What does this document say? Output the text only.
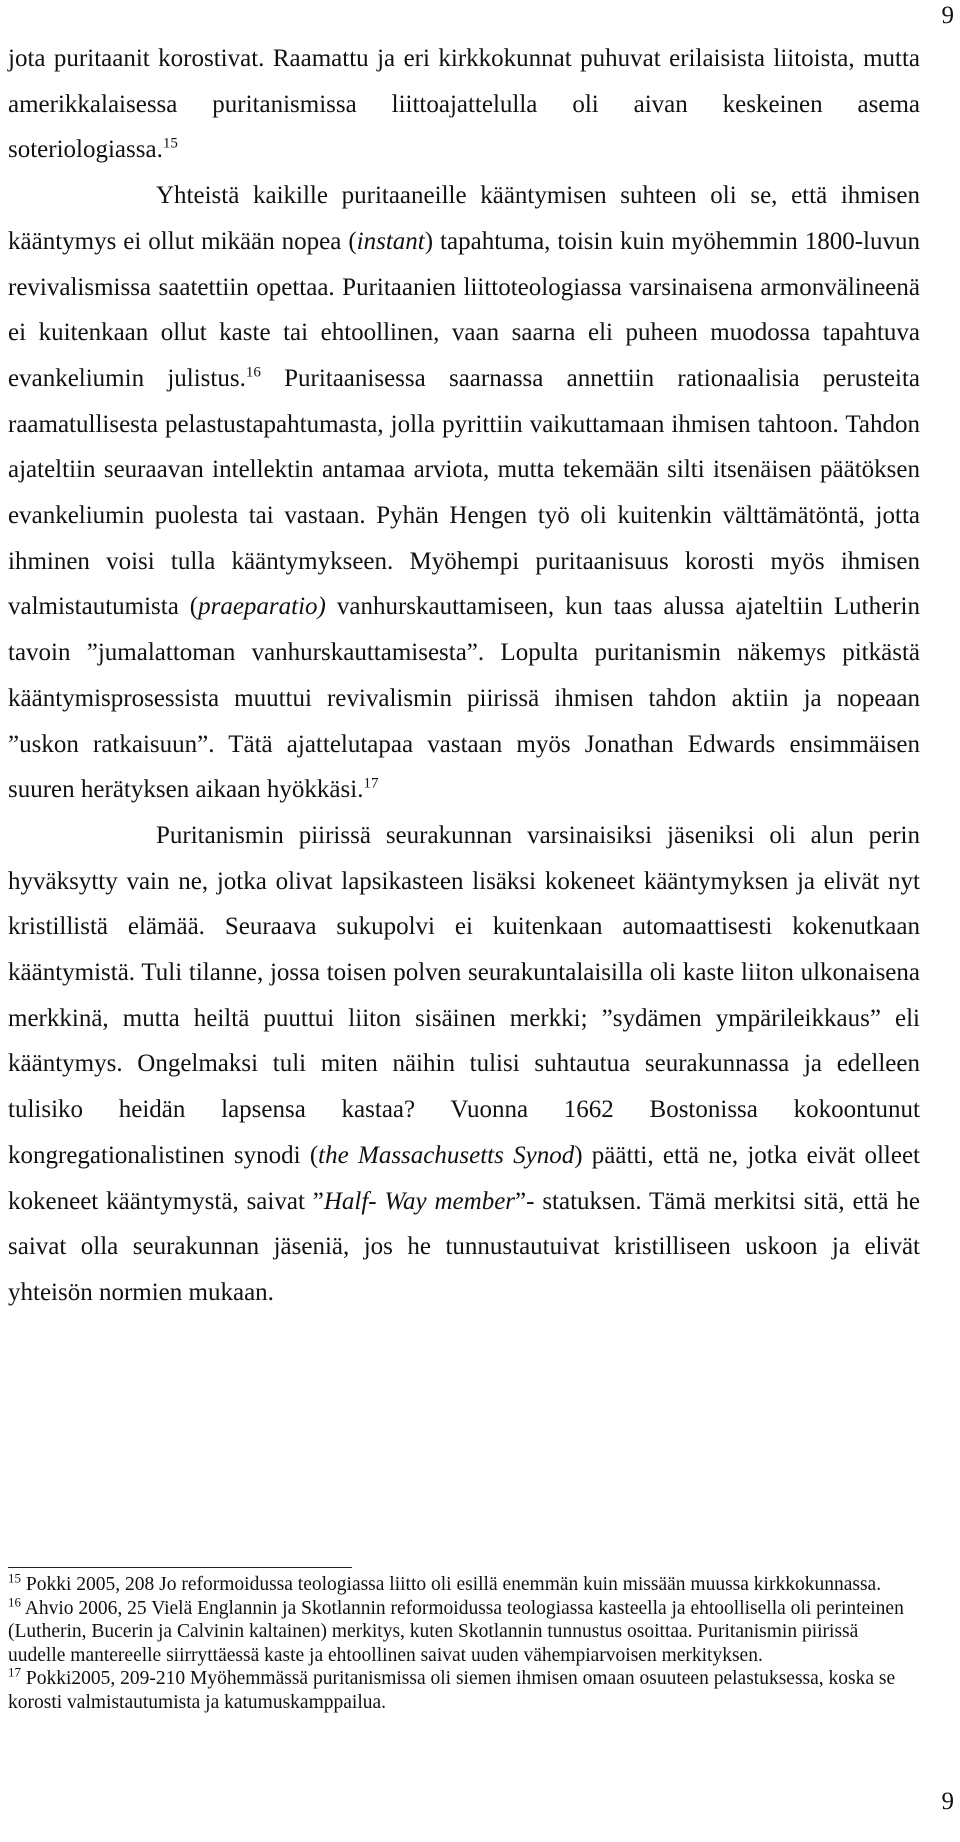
9

jota puritaanit korostivat. Raamattu ja eri kirkkokunnat puhuvat erilaisista liitoista, mutta amerikkalaisessa puritanismissa liittoajattelulla oli aivan keskeinen asema soteriologiassa.$^{15}$

Yhteistä kaikille puritaaneille kääntymisen suhteen oli se, että ihmisen kääntymys ei ollut mikään nopea (instant) tapahtuma, toisin kuin myöhemmin 1800-luvun revivalismissa saatettiin opettaa. Puritaanien liittoteologiassa varsinaisena armonvälineenä ei kuitenkaan ollut kaste tai ehtoollinen, vaan saarna eli puheen muodossa tapahtuva evankeliumin julistus.$^{16}$ Puritaanisessa saarnassa annettiin rationaalisia perusteita raamatullisesta pelastustapahtumasta, jolla pyrittiin vaikuttamaan ihmisen tahtoon. Tahdon ajateltiin seuraavan intellektin antamaa arviota, mutta tekemään silti itsenäisen päätöksen evankeliumin puolesta tai vastaan. Pyhän Hengen työ oli kuitenkin välttämätöntä, jotta ihminen voisi tulla kääntymykseen. Myöhempi puritaanisuus korosti myös ihmisen valmistautumista (praeparatio) vanhurskauttamiseen, kun taas alussa ajateltiin Lutherin tavoin ”jumalattoman vanhurskauttamisesta”. Lopulta puritanismin näkemys pitkästä kääntymisprosessista muuttui revivalismin piirissä ihmisen tahdon aktiin ja nopeaan ”uskon ratkaisuun”. Tätä ajattelutapaa vastaan myös Jonathan Edwards ensimmäisen suuren herätyksen aikaan hyökkäsi.$^{17}$

Puritanismin piirissä seurakunnan varsinaisiksi jäseniksi oli alun perin hyväksytty vain ne, jotka olivat lapsikasteen lisäksi kokeneet kääntymyksen ja elivät nyt kristillistä elämää. Seuraava sukupolvi ei kuitenkaan automaattisesti kokenutkaan kääntymistä. Tuli tilanne, jossa toisen polven seurakuntalaisilla oli kaste liiton ulkonaisena merkkinä, mutta heiltä puuttui liiton sisäinen merkki; ”sydämen ympärileikkaus” eli kääntymys. Ongelmaksi tuli miten näihin tulisi suhtautua seurakunnassa ja edelleen tulisiko heidän lapsensa kastaa? Vuonna 1662 Bostonissa kokoontunut kongregationalistinen synodi (the Massachusetts Synod) päätti, että ne, jotka eivät olleet kokeneet kääntymystä, saivat ”Half- Way member”- statuksen. Tämä merkitsi sitä, että he saivat olla seurakunnan jäseniä, jos he tunnustautuivat kristilliseen uskoon ja elivät yhteisön normien mukaan.

$^{15}$ Pokki 2005, 208 Jo reformoidussa teologiassa liitto oli esillä enemmän kuin missään muussa kirkkokunnassa.

$^{16}$ Ahvio 2006, 25 Vielä Englannin ja Skotlannin reformoidussa teologiassa kasteella ja ehtoollisella oli perinteinen (Lutherin, Bucerin ja Calvinin kaltainen) merkitys, kuten Skotlannin tunnustus osoittaa. Puritanismin piirissä uudelle mantereelle siirryttäessä kaste ja ehtoollinen saivat uuden vähempiarvoisen merkityksen.

$^{17}$ Pokki2005, 209-210 Myöhemmässä puritanismissa oli siemen ihmisen omaan osuuteen pelastuksessa, koska se korosti valmistautumista ja katumuskamppailua.

9
